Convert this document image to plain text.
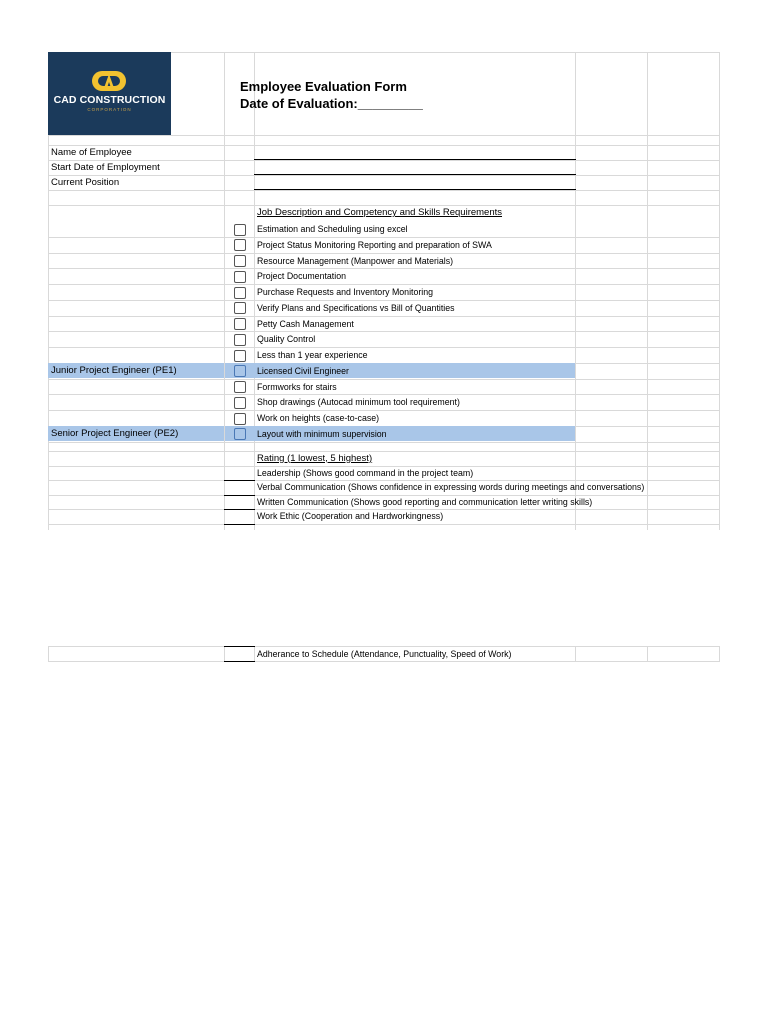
Estimation and Scheduling using excel
Project Status Monitoring Reporting and preparation of SWA
Resource Management (Manpower and Materials)
Project Documentation
Purchase Requests and Inventory Monitoring
Verify Plans and Specifications vs Bill of Quantities
Petty Cash Management
Quality Control
Less than 1 year experience
Licensed Civil Engineer
Junior Project Engineer (PE1)
Formworks for stairs
Shop drawings (Autocad minimum tool requirement)
Work on heights (case-to-case)
Layout with minimum supervision
Senior Project Engineer (PE2)
Rating (1 lowest, 5 highest)
Leadership (Shows good command in the project team)
Verbal Communication (Shows confidence in expressing words during meetings and conversations)
Written Communication (Shows good reporting and communication letter writing skills)
Work Ethic (Cooperation and Hardworkingness)
CAD CONSTRUCTION
CORPORATION
Employee Evaluation Form
Date of Evaluation:_________
Name of Employee
Start Date of Employment
Current Position
Job Description and Competency and Skills Requirements
Adherance to Schedule (Attendance, Punctuality, Speed of Work)
